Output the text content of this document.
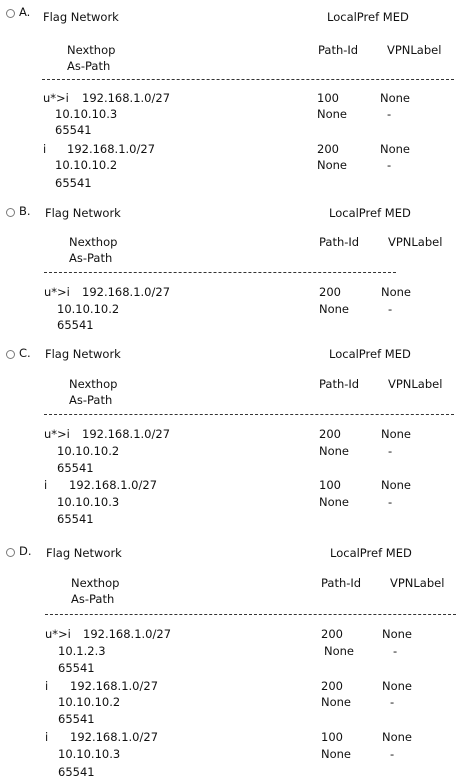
A. Flag Network	LocalPref MED
Nexthop	Path-Id	VPNLabel
As-Path
u*>i 192.168.1.0/27	100	None
10.10.10.3	None	-
65541
i 192.168.1.0/27	200	None
10.10.10.2	None	-
65541
B. Flag Network	LocalPref MED
Nexthop	Path-Id	VPNLabel
As-Path
u*>i 192.168.1.0/27	200	None
10.10.10.2	None	-
65541
C. Flag Network	LocalPref MED
Nexthop	Path-Id	VPNLabel
As-Path
u*>i 192.168.1.0/27	200	None
10.10.10.2	None	-
65541
i 192.168.1.0/27	100	None
10.10.10.3	None	-
65541
D. Flag Network	LocalPref MED
Nexthop	Path-Id	VPNLabel
As-Path
u*>i 192.168.1.0/27	200	None
10.1.2.3	None	-
65541
i 192.168.1.0/27	200	None
10.10.10.2	None	-
65541
i 192.168.1.0/27	100	None
10.10.10.3	None	-
65541
